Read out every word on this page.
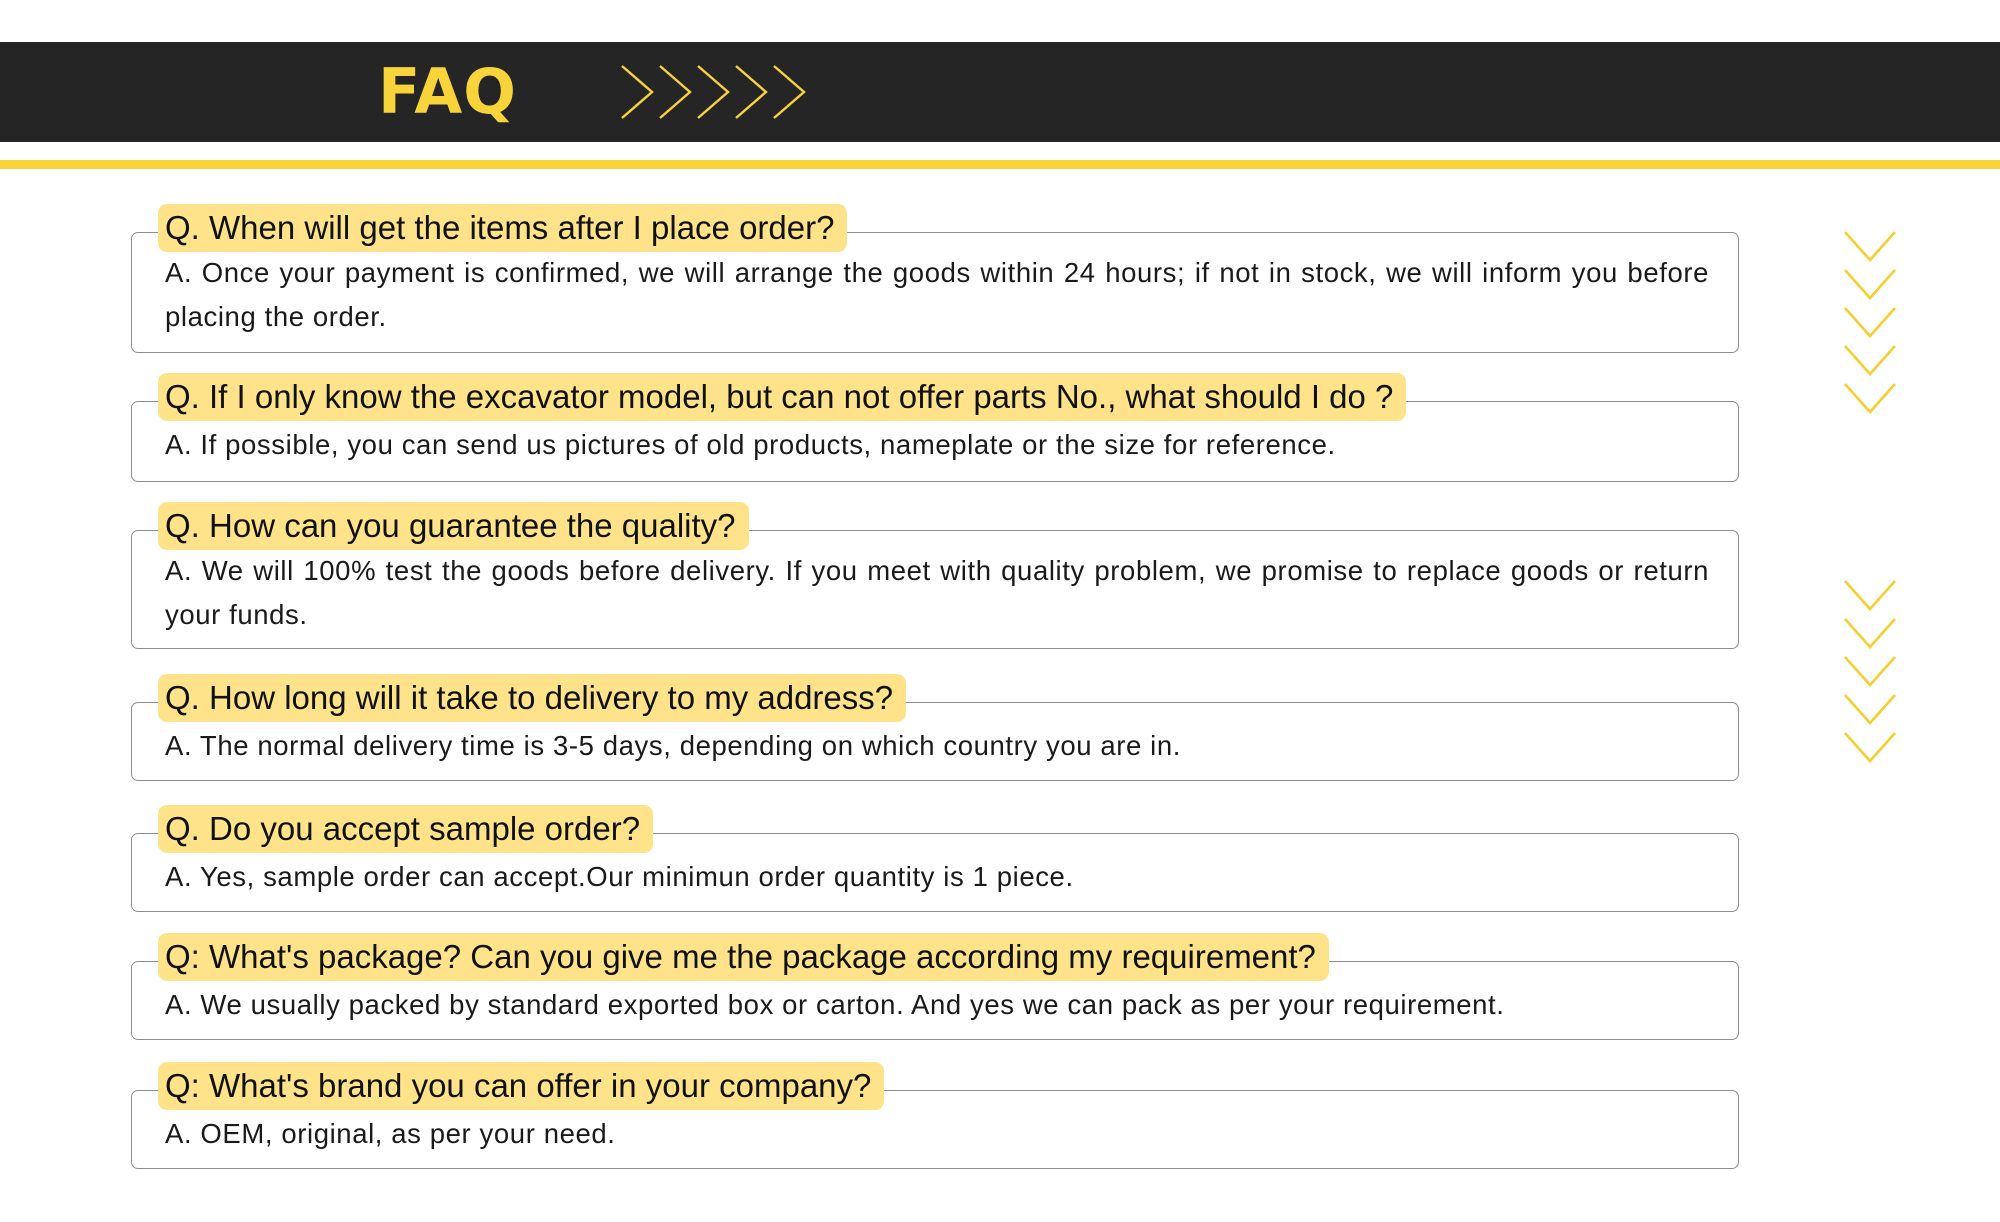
FAQ
Q. When will get the items after I place order?
A. Once your payment is confirmed, we will arrange the goods within 24 hours; if not in stock, we will inform you before placing the order.
Q. If I only know the excavator model, but can not offer parts No., what should I do ?
A. If possible, you can send us pictures of old products, nameplate or the size for reference.
Q. How can you guarantee the quality?
A. We will 100% test the goods before delivery. If you meet with quality problem, we promise to replace goods or return your funds.
Q. How long will it take to delivery to my address?
A. The normal delivery time is 3-5 days, depending on which country you are in.
Q. Do you accept sample order?
A. Yes, sample order can accept.Our minimun order quantity is 1 piece.
Q: What's package? Can you give me the package according my requirement?
A. We usually packed by standard exported box or carton. And yes we can pack as per your requirement.
Q: What's brand you can offer in your company?
A. OEM, original, as per your need.
